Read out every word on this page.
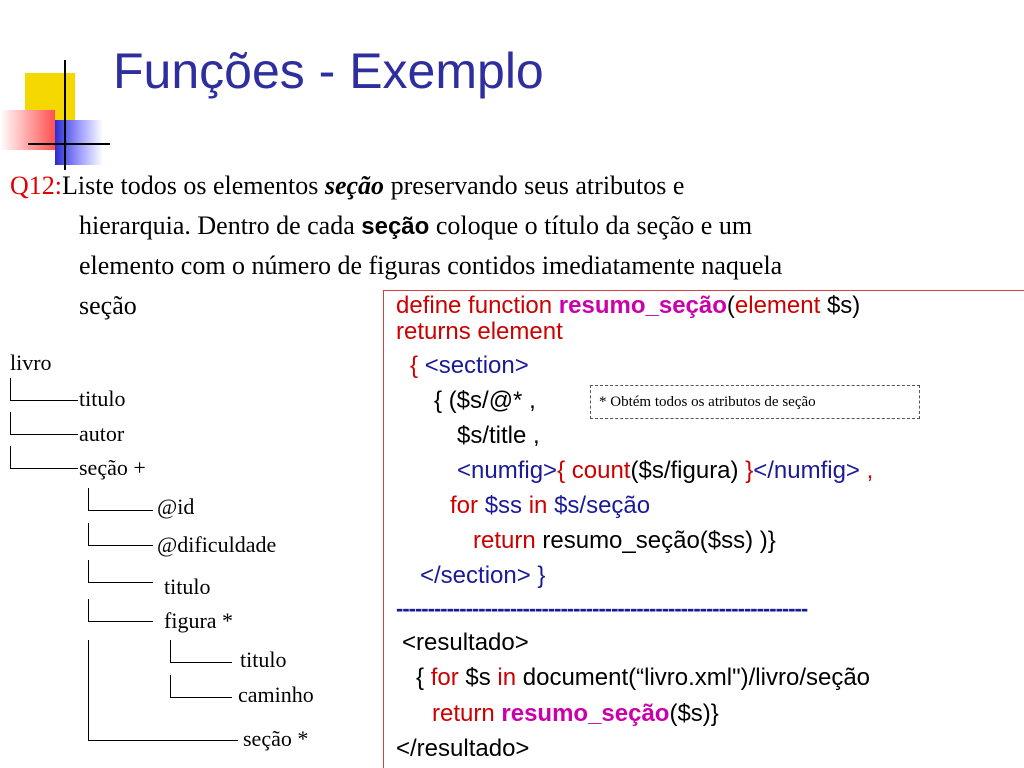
Funções - Exemplo
Q12:Liste todos os elementos seção preservando seus atributos e
hierarquia. Dentro de cada seção coloque o título da seção e um
elemento com o número de figuras contidos imediatamente naquela
seção
livro
titulo
autor
seção +
@id
@dificuldade
titulo
figura *
titulo
caminho
seção *
define function resumo_seção(element $s)
returns element
{ <section>
{ ($s/@* ,
$s/title ,
<numfig>{ count($s/figura) }</numfig> ,
for $ss in $s/seção
return resumo_seção($ss) )}
</section> }
-----------------------------------------------------------------
<resultado>
{ for $s in document(“livro.xml")/livro/seção
return resumo_seção($s)}
</resultado>
* Obtém todos os atributos de seção
